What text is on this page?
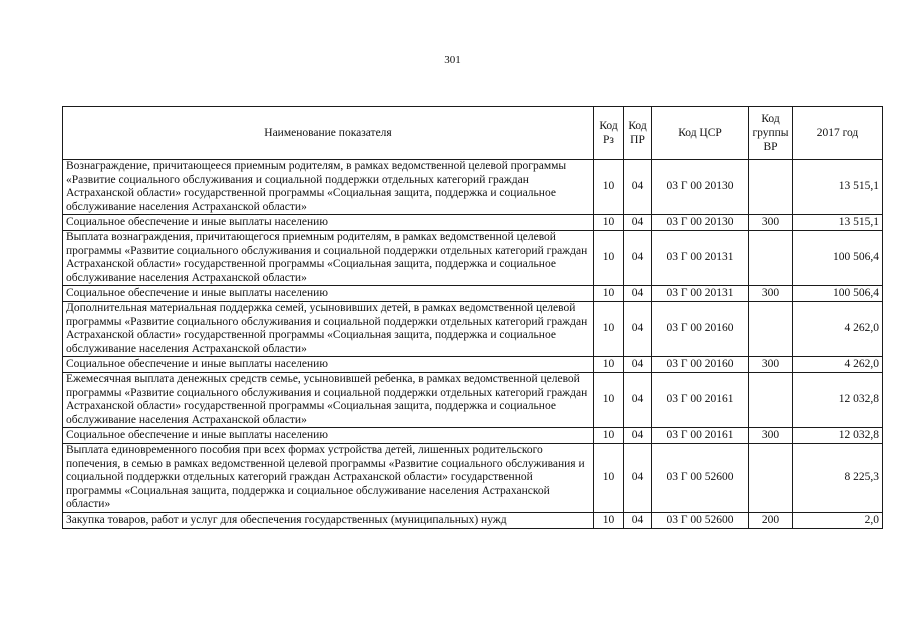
301
Наименование показателя	Код Рз	Код ПР	Код ЦСР	Код группы ВР	2017 год
Вознаграждение, причитающееся приемным родителям, в рамках ведомственной целевой программы «Развитие социального обслуживания и социальной поддержки отдельных категорий граждан Астраханской области» государственной программы «Социальная защита, поддержка и социальное обслуживание населения Астраханской области»	10	04	03 Г 00 20130		13 515,1
Социальное обеспечение и иные выплаты населению	10	04	03 Г 00 20130	300	13 515,1
Выплата вознаграждения, причитающегося приемным родителям, в рамках ведомственной целевой программы «Развитие социального обслуживания и социальной поддержки отдельных категорий граждан Астраханской области» государственной программы «Социальная защита, поддержка и социальное обслуживание населения Астраханской области»	10	04	03 Г 00 20131		100 506,4
Социальное обеспечение и иные выплаты населению	10	04	03 Г 00 20131	300	100 506,4
Дополнительная материальная поддержка семей, усыновивших детей, в рамках ведомственной целевой программы «Развитие социального обслуживания и социальной поддержки отдельных категорий граждан Астраханской области» государственной программы «Социальная защита, поддержка и социальное обслуживание населения Астраханской области»	10	04	03 Г 00 20160		4 262,0
Социальное обеспечение и иные выплаты населению	10	04	03 Г 00 20160	300	4 262,0
Ежемесячная выплата денежных средств семье, усыновившей ребенка, в рамках ведомственной целевой программы «Развитие социального обслуживания и социальной поддержки отдельных категорий граждан Астраханской области» государственной программы «Социальная защита, поддержка и социальное обслуживание населения Астраханской области»	10	04	03 Г 00 20161		12 032,8
Социальное обеспечение и иные выплаты населению	10	04	03 Г 00 20161	300	12 032,8
Выплата единовременного пособия при всех формах устройства детей, лишенных родительского попечения, в семью в рамках ведомственной целевой программы «Развитие социального обслуживания и социальной поддержки отдельных категорий граждан Астраханской области» государственной программы «Социальная защита, поддержка и социальное обслуживание населения Астраханской области»	10	04	03 Г 00 52600		8 225,3
Закупка товаров, работ и услуг для обеспечения государственных (муниципальных) нужд	10	04	03 Г 00 52600	200	2,0
